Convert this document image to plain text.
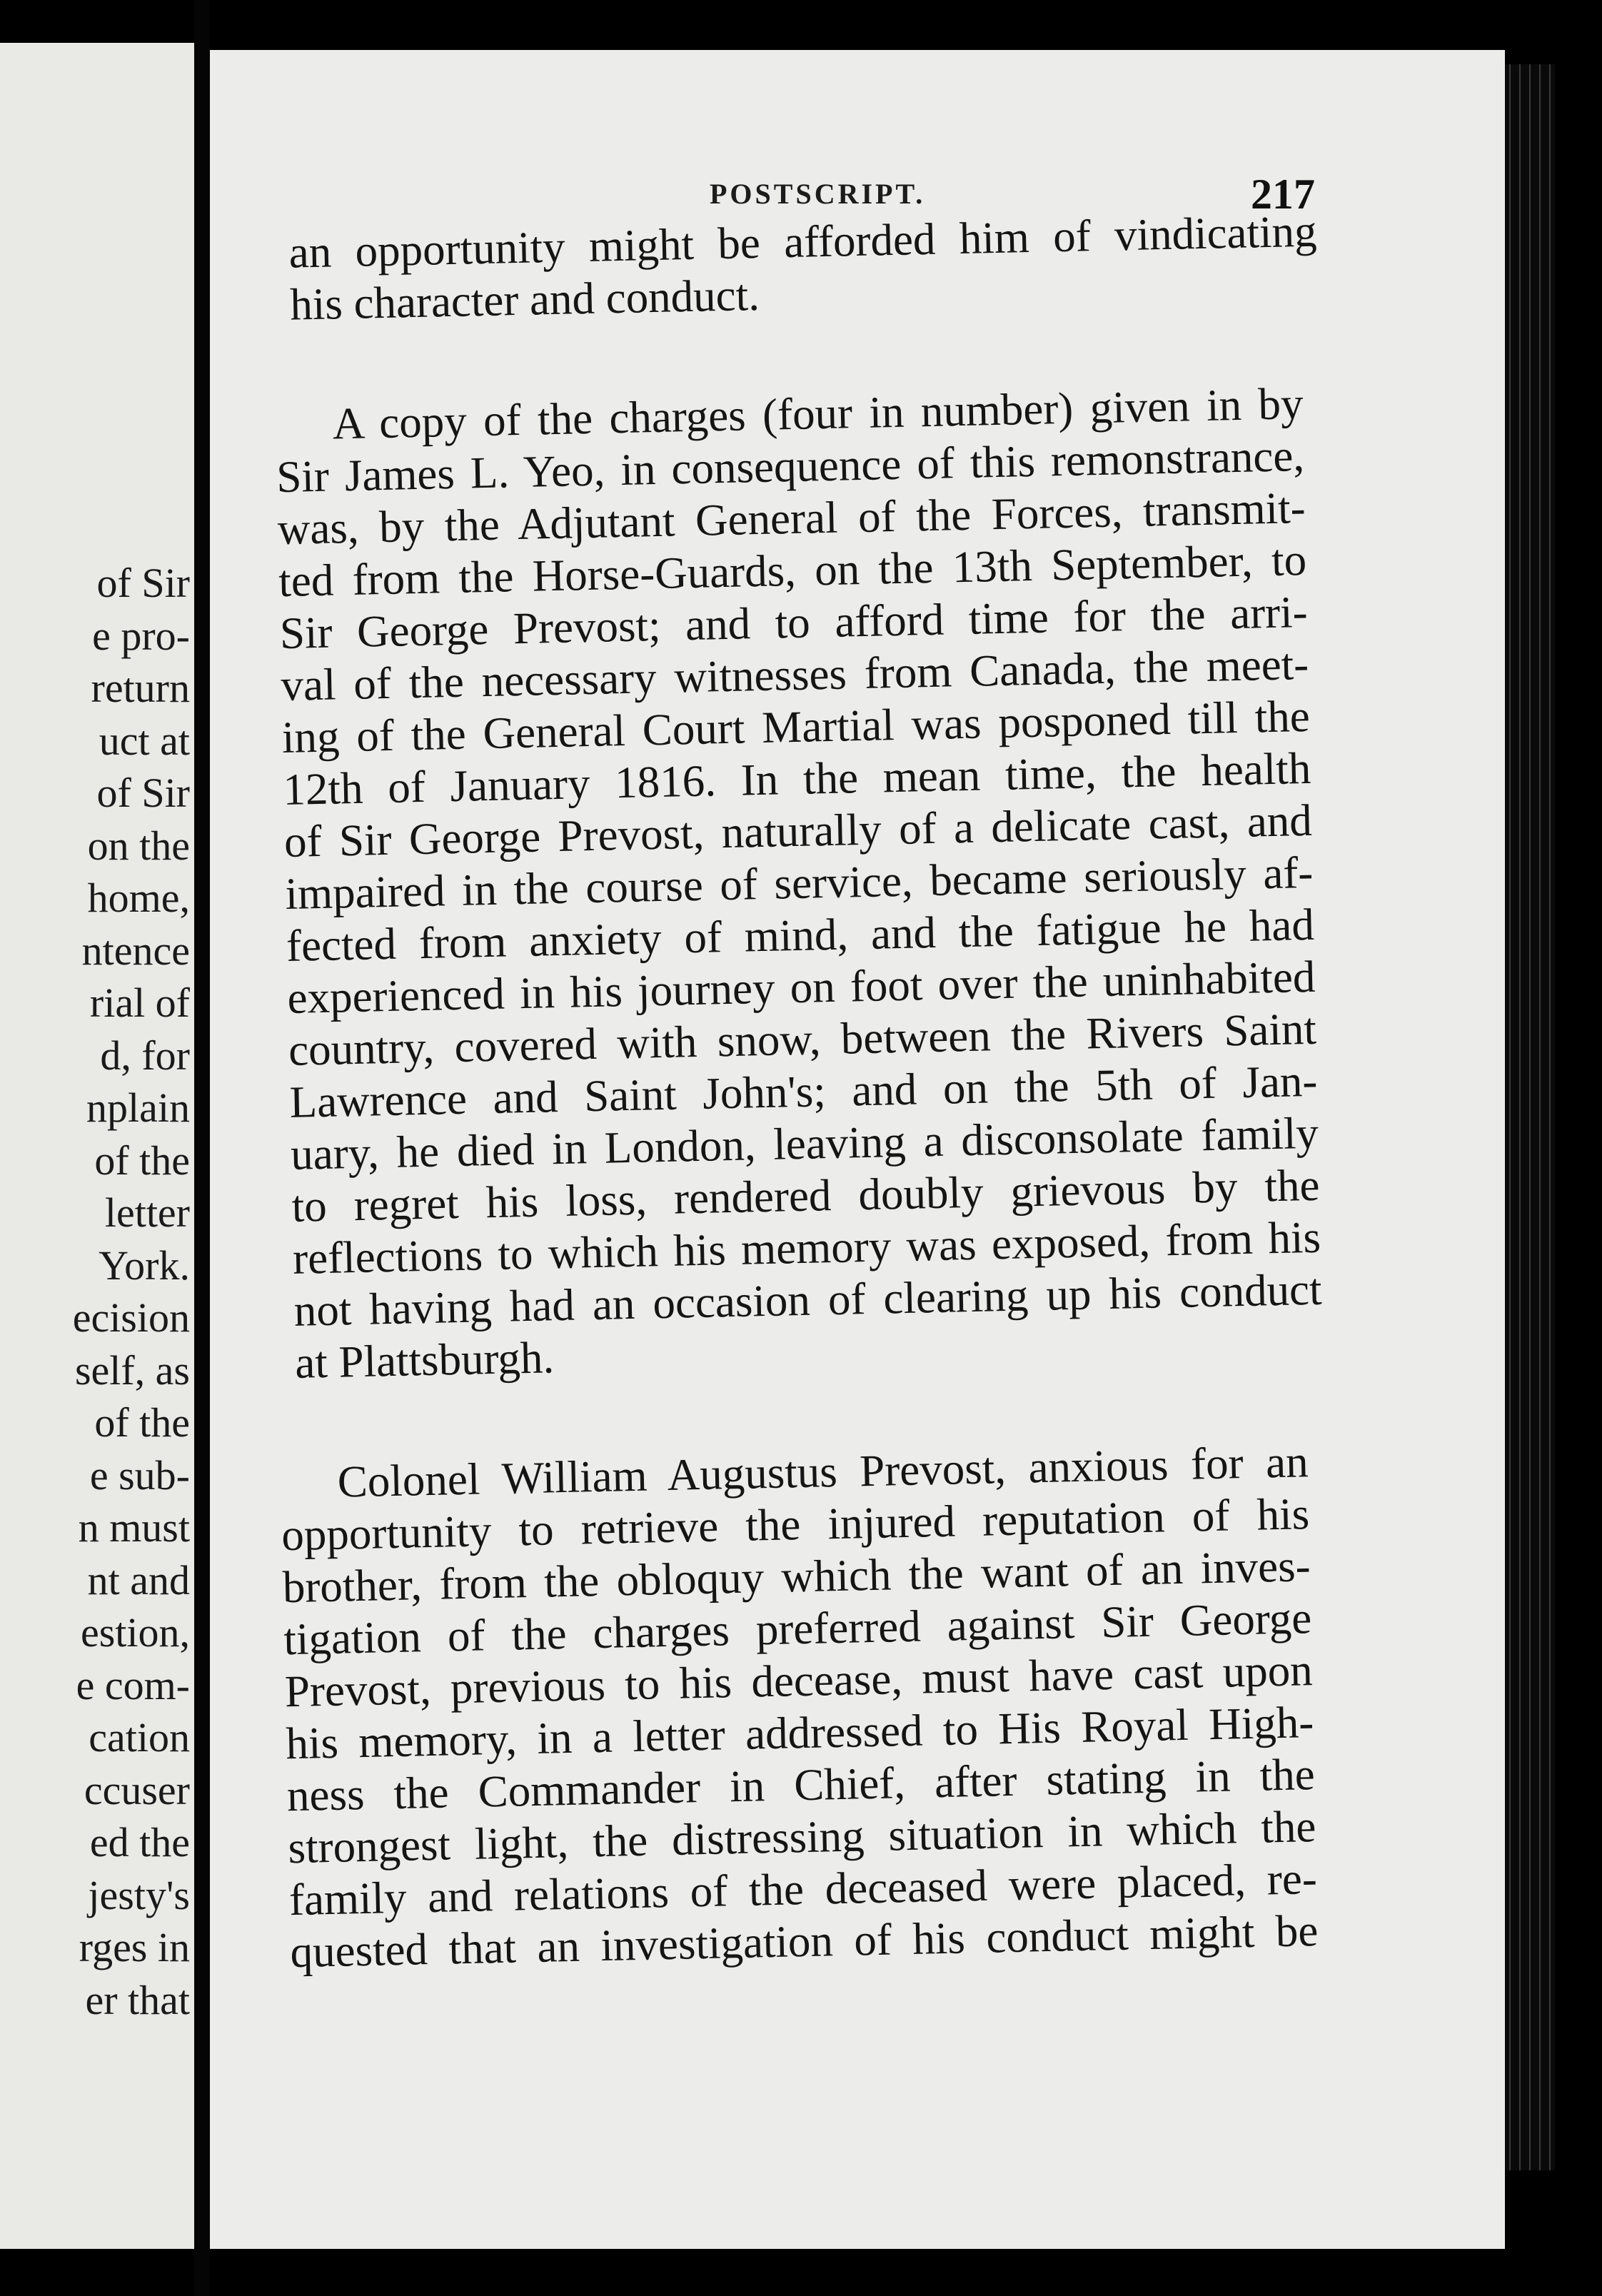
of Sir
e pro-
return
uct at
of Sir
on the
home,
ntence
rial of
d, for
nplain
of the
letter
York.
ecision
self, as
of the
e sub-
n must
nt and
estion,
e com-
cation
ccuser
ed the
jesty's
rges in
er that
POSTSCRIPT.	217

an opportunity might be afforded him of vindicating
his character and conduct.

A copy of the charges (four in number) given in by
Sir James L. Yeo, in consequence of this remonstrance,
was, by the Adjutant General of the Forces, transmit-
ted from the Horse-Guards, on the 13th September, to
Sir George Prevost; and to afford time for the arri-
val of the necessary witnesses from Canada, the meet-
ing of the General Court Martial was posponed till the
12th of January 1816. In the mean time, the health
of Sir George Prevost, naturally of a delicate cast, and
impaired in the course of service, became seriously af-
fected from anxiety of mind, and the fatigue he had
experienced in his journey on foot over the uninhabited
country, covered with snow, between the Rivers Saint
Lawrence and Saint John's; and on the 5th of Jan-
uary, he died in London, leaving a disconsolate family
to regret his loss, rendered doubly grievous by the
reflections to which his memory was exposed, from his
not having had an occasion of clearing up his conduct
at Plattsburgh.

Colonel William Augustus Prevost, anxious for an
opportunity to retrieve the injured reputation of his
brother, from the obloquy which the want of an inves-
tigation of the charges preferred against Sir George
Prevost, previous to his decease, must have cast upon
his memory, in a letter addressed to His Royal High-
ness the Commander in Chief, after stating in the
strongest light, the distressing situation in which the
family and relations of the deceased were placed, re-
quested that an investigation of his conduct might be
